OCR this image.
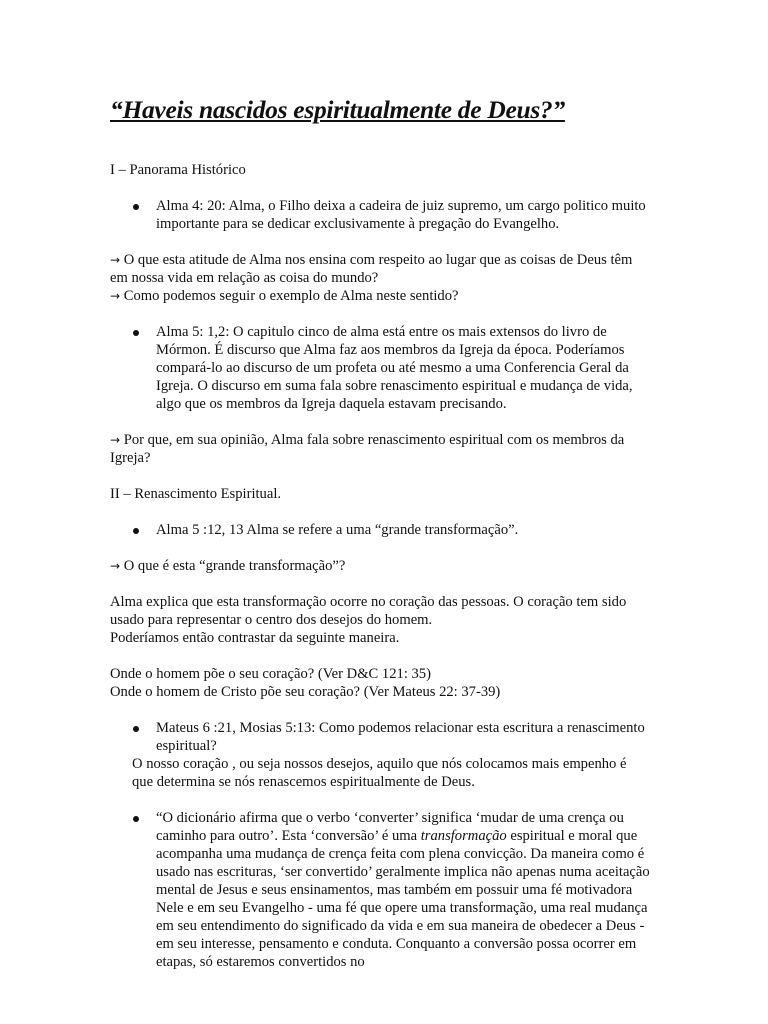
“Haveis nascidos espiritualmente de Deus?”

I – Panorama Histórico

Alma 4: 20: Alma, o Filho deixa a cadeira de juiz supremo, um cargo politico muito importante para se dedicar exclusivamente à pregação do Evangelho.

→ O que esta atitude de Alma nos ensina com respeito ao lugar que as coisas de Deus têm em nossa vida em relação as coisa do mundo?

→ Como podemos seguir o exemplo de Alma neste sentido?

Alma 5: 1,2: O capitulo cinco de alma está entre os mais extensos do livro de Mórmon. É discurso que Alma faz aos membros da Igreja da época. Poderíamos compará-lo ao discurso de um profeta ou até mesmo a uma Conferencia Geral da Igreja. O discurso em suma fala sobre renascimento espiritual e mudança de vida, algo que os membros da Igreja daquela estavam precisando.

→ Por que, em sua opinião, Alma fala sobre renascimento espiritual com os membros da Igreja?

II – Renascimento Espiritual.

Alma 5 :12, 13 Alma se refere a uma “grande transformação”.

→ O que é esta “grande transformação”?

Alma explica que esta transformação ocorre no coração das pessoas. O coração tem sido usado para representar o centro dos desejos do homem.

Poderíamos então contrastar da seguinte maneira.

Onde o homem põe o seu coração? (Ver D&C 121: 35)

Onde o homem de Cristo põe seu coração? (Ver Mateus 22: 37-39)

Mateus 6 :21, Mosias 5:13: Como podemos relacionar esta escritura a renascimento espiritual?

O nosso coração , ou seja nossos desejos, aquilo que nós colocamos mais empenho é que determina se nós renascemos espiritualmente de Deus.

“O dicionário afirma que o verbo ‘converter’ significa ‘mudar de uma crença ou caminho para outro’. Esta ‘conversão’ é uma transformação espiritual e moral que acompanha uma mudança de crença feita com plena convicção. Da maneira como é usado nas escrituras, ‘ser convertido’ geralmente implica não apenas numa aceitação mental de Jesus e seus ensinamentos, mas também em possuir uma fé motivadora Nele e em seu Evangelho - uma fé que opere uma transformação, uma real mudança em seu entendimento do significado da vida e em sua maneira de obedecer a Deus - em seu interesse, pensamento e conduta. Conquanto a conversão possa ocorrer em etapas, só estaremos convertidos no
